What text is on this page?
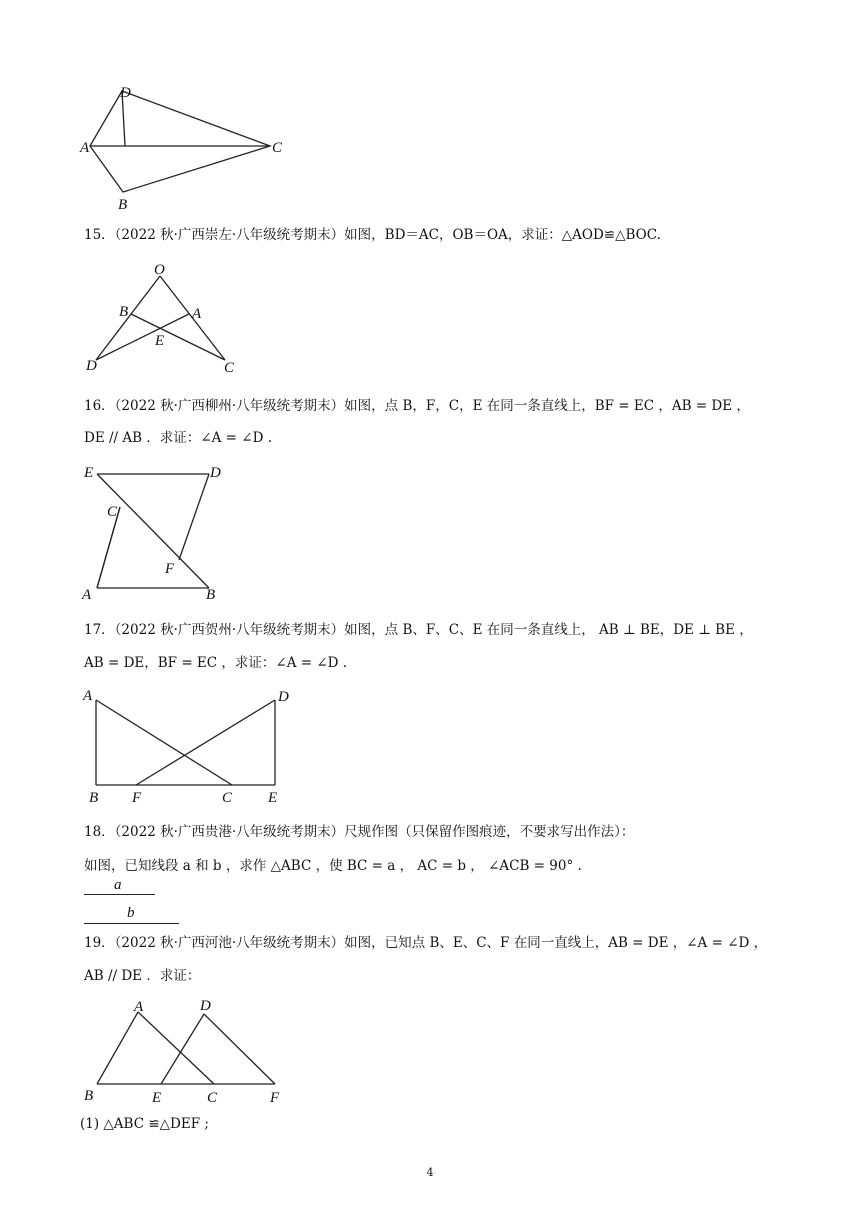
D
A	C
B
15．（2022 秋·广西崇左·八年级统考期末）如图，BD＝AC，OB＝OA，求证：△AOD≌△BOC.
O
B	A
E
D	C
16．（2022 秋·广西柳州·八年级统考期末）如图，点 B，F，C，E 在同一条直线上，BF = EC ，AB = DE ，
DE // AB ．求证：∠A = ∠D .
E	D
C
F
A	B
17．（2022 秋·广西贺州·八年级统考期末）如图，点 B、F、C、E 在同一条直线上， AB ⊥ BE，DE ⊥ BE ，
AB = DE，BF = EC ，求证：∠A = ∠D .
A	D
B F	C E
18．（2022 秋·广西贵港·八年级统考期末）尺规作图（只保留作图痕迹，不要求写出作法）：
如图，已知线段 a 和 b ，求作 △ABC ，使 BC = a ， AC = b ， ∠ACB = 90° .
a
b
19．（2022 秋·广西河池·八年级统考期末）如图，已知点 B、E、C、F 在同一直线上，AB = DE ，∠A = ∠D ，
AB // DE ．求证：
A	D
B	E	C	F
(1) △ABC ≌△DEF ;
4
